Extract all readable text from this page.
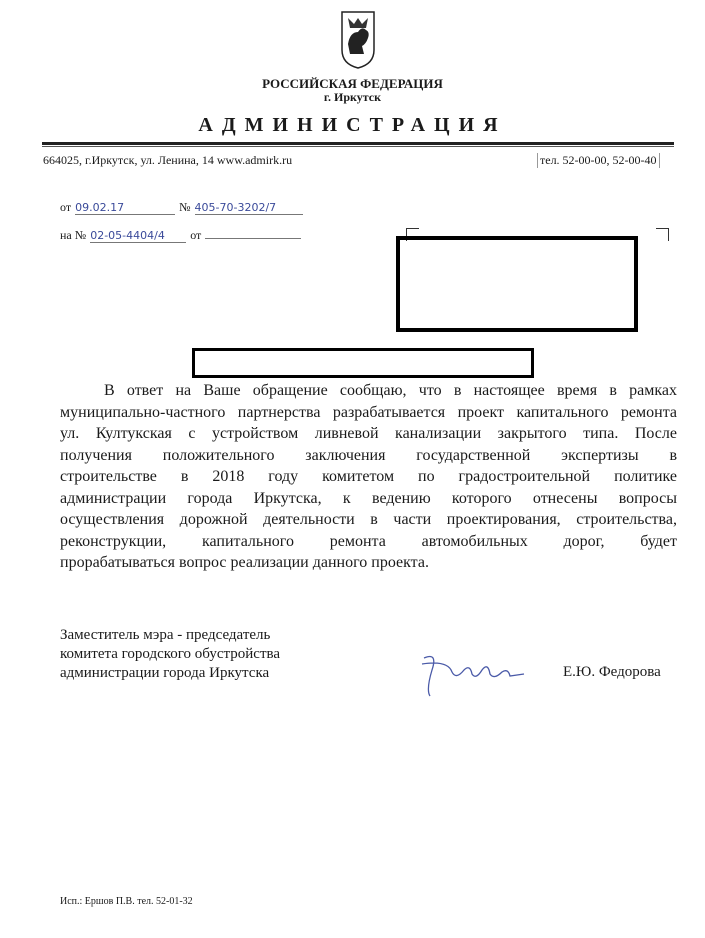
РОССИЙСКАЯ ФЕДЕРАЦИЯ
г. Иркутск
АДМИНИСТРАЦИЯ
664025, г.Иркутск, ул. Ленина, 14 www.admirk.ru	тел. 52-00-00, 52-00-40
от 09.02.17	№ 405-70-3202/7
на № 02-05-4404/4 от
В ответ на Ваше обращение сообщаю, что в настоящее время в рамках
муниципально-частного партнерства разрабатывается проект капитального ремонта
ул. Култукская с устройством ливневой канализации закрытого типа. После
получения положительного заключения государственной экспертизы в
строительстве в 2018 году комитетом по градостроительной политике
администрации города Иркутска, к ведению которого отнесены вопросы
осуществления дорожной деятельности в части проектирования, строительства,
реконструкции, капитального ремонта автомобильных дорог, будет
прорабатываться вопрос реализации данного проекта.
Заместитель мэра - председатель
комитета городского обустройства
администрации города Иркутска	Е.Ю. Федорова
Исп.: Ершов П.В. тел. 52-01-32
